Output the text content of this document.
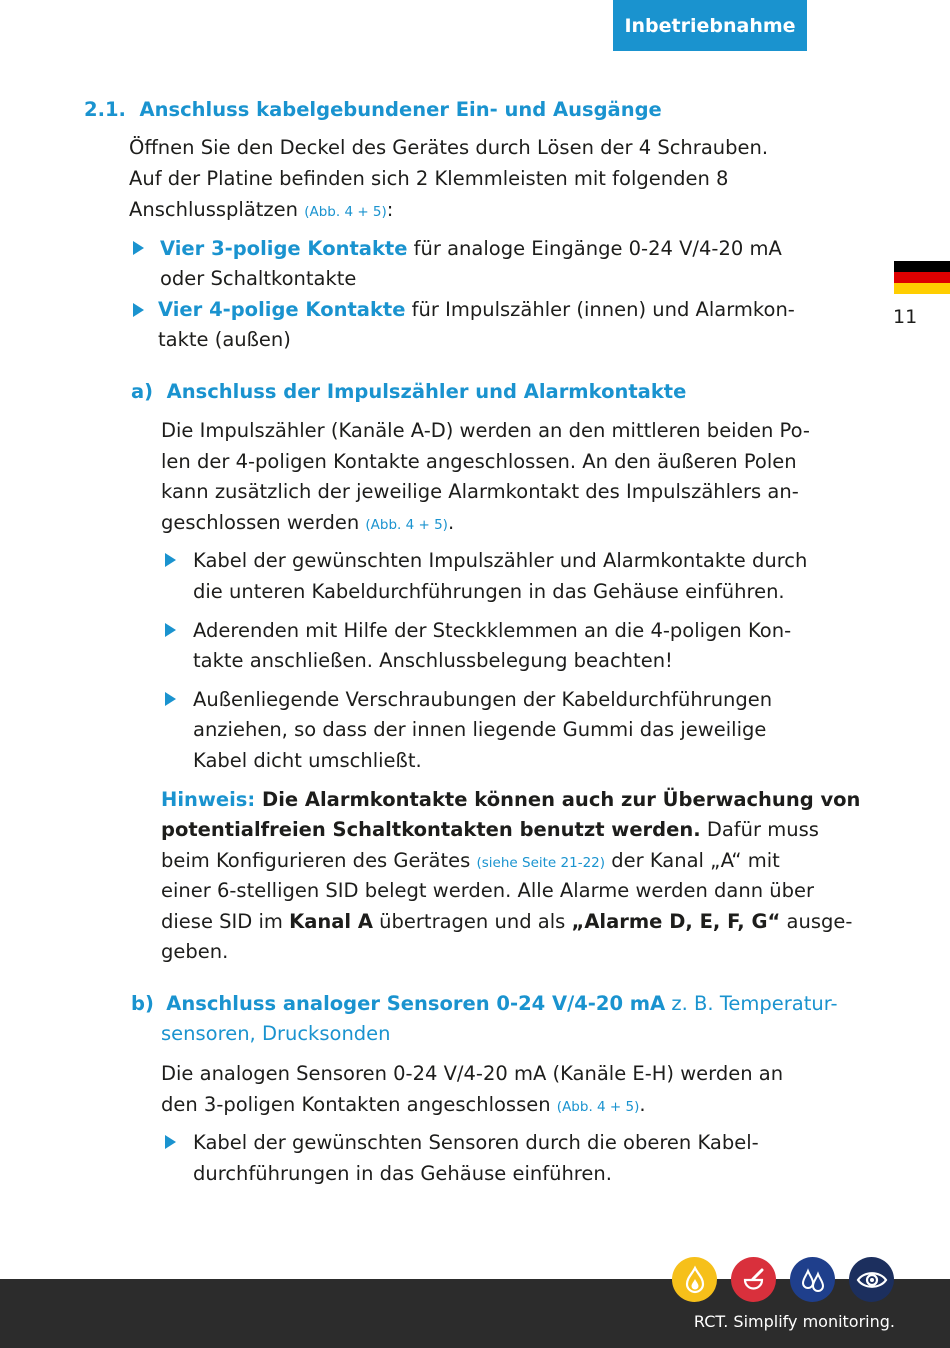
Inbetriebnahme
11

2.1. Anschluss kabelgebundener Ein- und Ausgänge

Öffnen Sie den Deckel des Gerätes durch Lösen der 4 Schrauben.

Auf der Platine befinden sich 2 Klemmleisten mit folgenden 8

Anschlussplätzen (Abb. 4 + 5):

Vier 3-polige Kontakte für analoge Eingänge 0-24 V/4-20 mA

oder Schaltkontakte

Vier 4-polige Kontakte für Impulszähler (innen) und Alarmkon-

takte (außen)

a) Anschluss der Impulszähler und Alarmkontakte

Die Impulszähler (Kanäle A-D) werden an den mittleren beiden Po-

len der 4-poligen Kontakte angeschlossen. An den äußeren Polen

kann zusätzlich der jeweilige Alarmkontakt des Impulszählers an-

geschlossen werden (Abb. 4 + 5).

Kabel der gewünschten Impulszähler und Alarmkontakte durch

die unteren Kabeldurchführungen in das Gehäuse einführen.

Aderenden mit Hilfe der Steckklemmen an die 4-poligen Kon-

takte anschließen. Anschlussbelegung beachten!

Außenliegende Verschraubungen der Kabeldurchführungen

anziehen, so dass der innen liegende Gummi das jeweilige

Kabel dicht umschließt.

Hinweis: Die Alarmkontakte können auch zur Überwachung von

potentialfreien Schaltkontakten benutzt werden. Dafür muss

beim Konfigurieren des Gerätes (siehe Seite 21-22) der Kanal „A“ mit

einer 6-stelligen SID belegt werden. Alle Alarme werden dann über

diese SID im Kanal A übertragen und als „Alarme D, E, F, G“ ausge-

geben.

b) Anschluss analoger Sensoren 0-24 V/4-20 mA z. B. Temperatur-

sensoren, Drucksonden

Die analogen Sensoren 0-24 V/4-20 mA (Kanäle E-H) werden an

den 3-poligen Kontakten angeschlossen (Abb. 4 + 5).

Kabel der gewünschten Sensoren durch die oberen Kabel-

durchführungen in das Gehäuse einführen.

RCT. Simplify monitoring.
